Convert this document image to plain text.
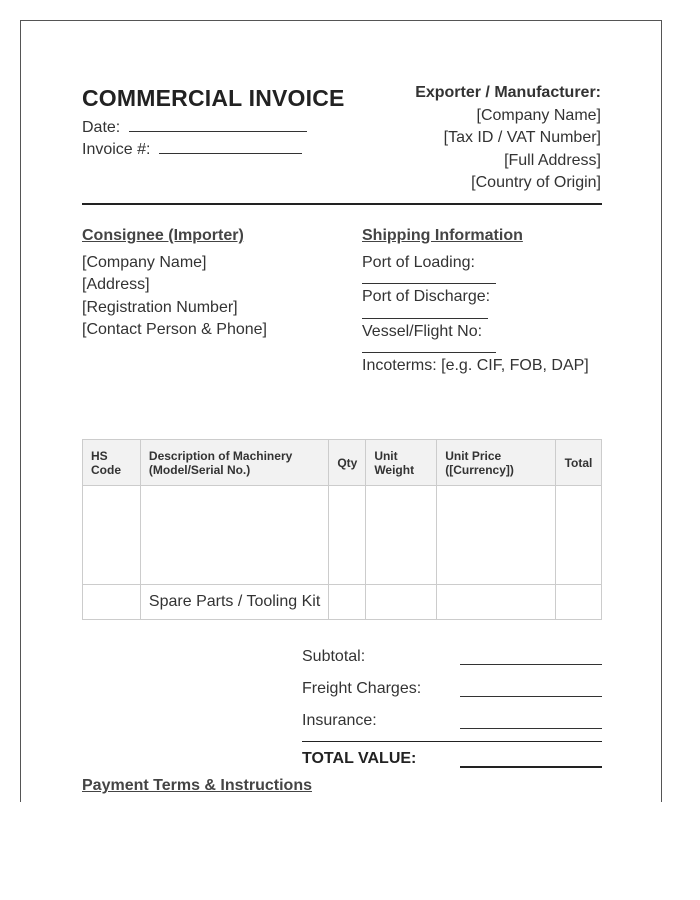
COMMERCIAL INVOICE
Date:
Invoice #:
Exporter / Manufacturer:
[Company Name]
[Tax ID / VAT Number]
[Full Address]
[Country of Origin]
Consignee (Importer)
[Company Name]
[Address]
[Registration Number]
[Contact Person & Phone]
Shipping Information
Port of Loading:
Port of Discharge:
Vessel/Flight No:
Incoterms: [e.g. CIF, FOB, DAP]
HS Code	Description of Machinery (Model/Serial No.)	Qty	Unit Weight	Unit Price ([Currency])	Total

	Spare Parts / Tooling Kit				
Subtotal:
Freight Charges:
Insurance:
TOTAL VALUE:
Payment Terms & Instructions
